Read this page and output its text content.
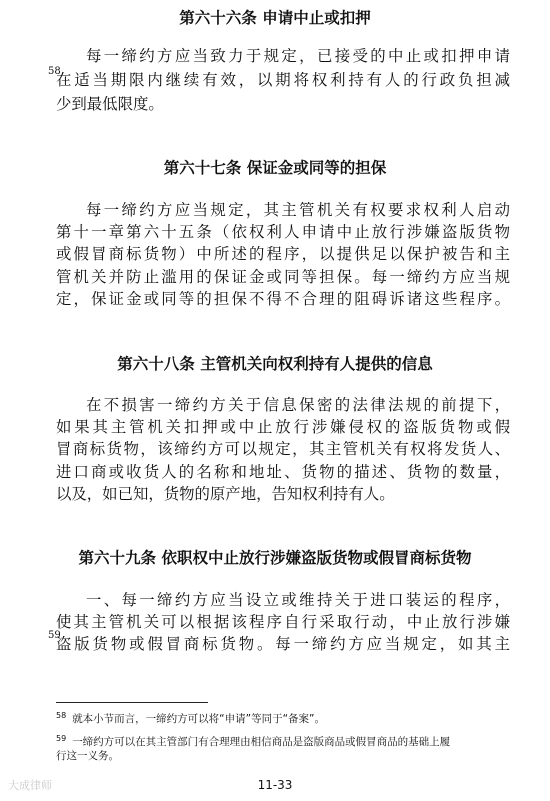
第六十六条 申请中止或扣押

每一缔约方应当致力于规定，已接受的中止或扣押申请

58

在适当期限内继续有效，以期将权利持有人的行政负担减

少到最低限度。

第六十七条 保证金或同等的担保

每一缔约方应当规定，其主管机关有权要求权利人启动

第十一章第六十五条（依权利人申请中止放行涉嫌盗版货物

或假冒商标货物）中所述的程序，以提供足以保护被告和主

管机关并防止滥用的保证金或同等担保。每一缔约方应当规

定，保证金或同等的担保不得不合理的阻碍诉诸这些程序。

第六十八条 主管机关向权利持有人提供的信息

在不损害一缔约方关于信息保密的法律法规的前提下，

如果其主管机关扣押或中止放行涉嫌侵权的盗版货物或假

冒商标货物，该缔约方可以规定，其主管机关有权将发货人、

进口商或收货人的名称和地址、货物的描述、货物的数量，

以及，如已知，货物的原产地，告知权利持有人。

第六十九条 依职权中止放行涉嫌盗版货物或假冒商标货物

一、每一缔约方应当设立或维持关于进口装运的程序，

使其主管机关可以根据该程序自行采取行动，中止放行涉嫌

59

盗版货物或假冒商标货物。每一缔约方应当规定，如其主

$^{58}$ 就本小节而言，一缔约方可以将“申请”等同于“备案”。
$^{59}$ 一缔约方可以在其主管部门有合理理由相信商品是盗版商品或假冒商品的基础上履
行这一义务。
11-33
大成律师
